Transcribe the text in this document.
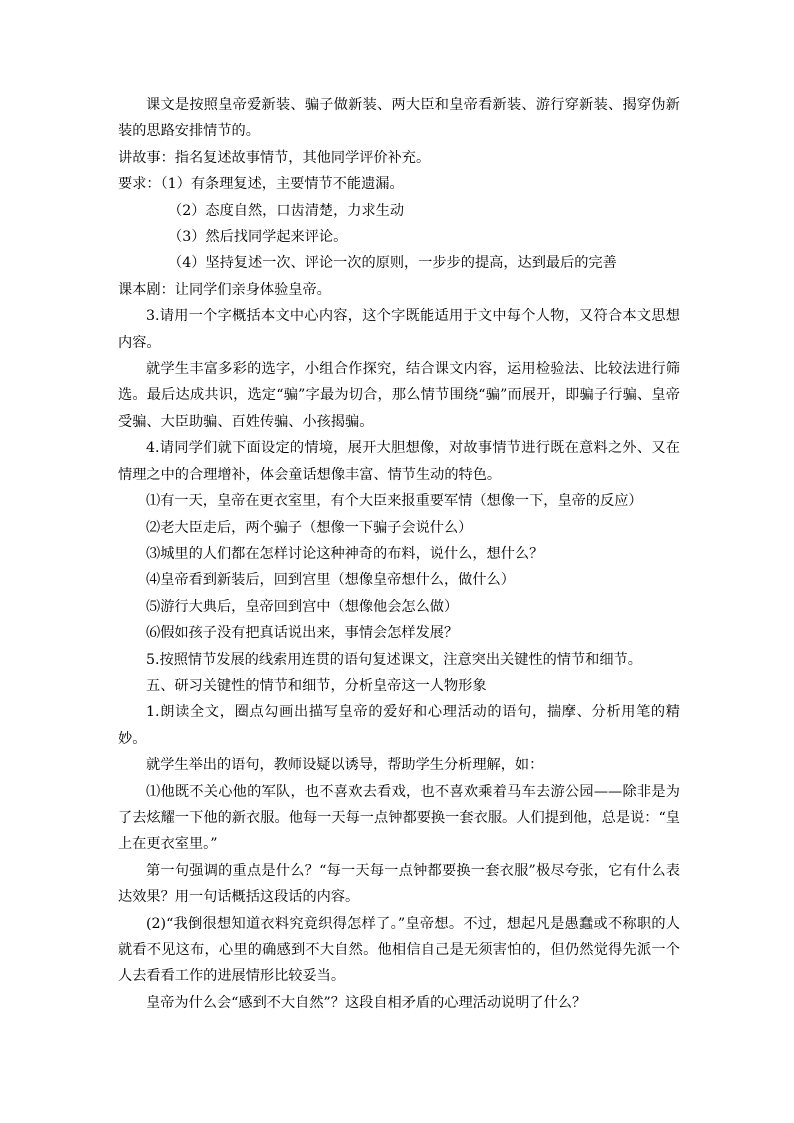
课文是按照皇帝爱新装、骗子做新装、两大臣和皇帝看新装、游行穿新装、揭穿伪新装的思路安排情节的。

讲故事：指名复述故事情节，其他同学评价补充。

要求：（1）有条理复述，主要情节不能遗漏。

（2）态度自然，口齿清楚，力求生动

（3）然后找同学起来评论。

（4）坚持复述一次、评论一次的原则，一步步的提高，达到最后的完善

课本剧：让同学们亲身体验皇帝。

3.请用一个字概括本文中心内容，这个字既能适用于文中每个人物，又符合本文思想内容。

就学生丰富多彩的选字，小组合作探究，结合课文内容，运用检验法、比较法进行筛选。最后达成共识，选定“骗”字最为切合，那么情节围绕“骗”而展开，即骗子行骗、皇帝受骗、大臣助骗、百姓传骗、小孩揭骗。

4.请同学们就下面设定的情境，展开大胆想像，对故事情节进行既在意料之外、又在情理之中的合理增补，体会童话想像丰富、情节生动的特色。

⑴有一天，皇帝在更衣室里，有个大臣来报重要军情（想像一下，皇帝的反应）

⑵老大臣走后，两个骗子（想像一下骗子会说什么）

⑶城里的人们都在怎样讨论这种神奇的布料，说什么，想什么？

⑷皇帝看到新装后，回到宫里（想像皇帝想什么，做什么）

⑸游行大典后，皇帝回到宫中（想像他会怎么做）

⑹假如孩子没有把真话说出来，事情会怎样发展？

5.按照情节发展的线索用连贯的语句复述课文，注意突出关键性的情节和细节。

五、研习关键性的情节和细节，分析皇帝这一人物形象

1.朗读全文，圈点勾画出描写皇帝的爱好和心理活动的语句，揣摩、分析用笔的精妙。

就学生举出的语句，教师设疑以诱导，帮助学生分析理解，如：

⑴他既不关心他的军队，也不喜欢去看戏，也不喜欢乘着马车去游公园——除非是为了去炫耀一下他的新衣服。他每一天每一点钟都要换一套衣服。人们提到他，总是说：“皇上在更衣室里。”

第一句强调的重点是什么？“每一天每一点钟都要换一套衣服”极尽夸张，它有什么表达效果？用一句话概括这段话的内容。

(2)“我倒很想知道衣料究竟织得怎样了。”皇帝想。不过，想起凡是愚蠢或不称职的人就看不见这布，心里的确感到不大自然。他相信自己是无须害怕的，但仍然觉得先派一个人去看看工作的进展情形比较妥当。

皇帝为什么会“感到不大自然”？这段自相矛盾的心理活动说明了什么？
